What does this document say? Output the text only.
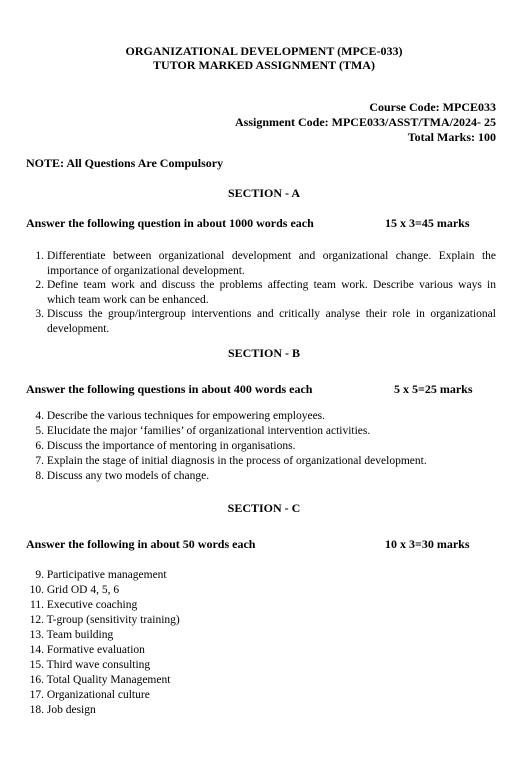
ORGANIZATIONAL DEVELOPMENT (MPCE-033)
TUTOR MARKED ASSIGNMENT (TMA)
Course Code: MPCE033
Assignment Code: MPCE033/ASST/TMA/2024- 25
Total Marks: 100
NOTE: All Questions Are Compulsory
SECTION - A
Answer the following question in about 1000 words each	15 x 3=45 marks
1. Differentiate between organizational development and organizational change. Explain the importance of organizational development.
2. Define team work and discuss the problems affecting team work. Describe various ways in which team work can be enhanced.
3. Discuss the group/intergroup interventions and critically analyse their role in organizational development.
SECTION - B
Answer the following questions in about 400 words each	5 x 5=25 marks
4. Describe the various techniques for empowering employees.
5. Elucidate the major ‘families’ of organizational intervention activities.
6. Discuss the importance of mentoring in organisations.
7. Explain the stage of initial diagnosis in the process of organizational development.
8. Discuss any two models of change.
SECTION - C
Answer the following in about 50 words each	10 x 3=30 marks
9. Participative management
10. Grid OD 4, 5, 6
11. Executive coaching
12. T-group (sensitivity training)
13. Team building
14. Formative evaluation
15. Third wave consulting
16. Total Quality Management
17. Organizational culture
18. Job design
